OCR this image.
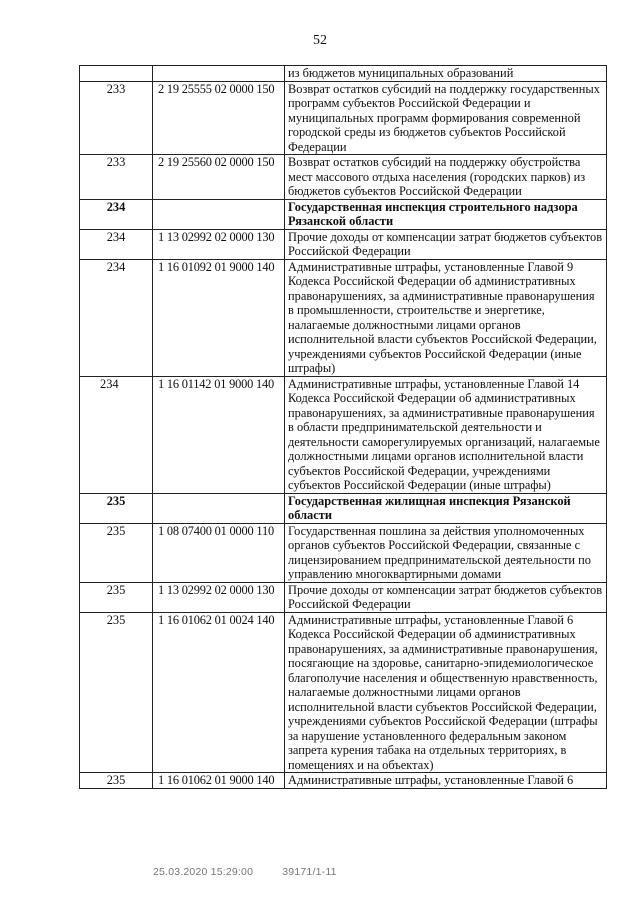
52
		из бюджетов муниципальных образований
233	2 19 25555 02 0000 150	Возврат остатков субсидий на поддержку государственных программ субъектов Российской Федерации и муниципальных программ формирования современной городской среды из бюджетов субъектов Российской Федерации
233	2 19 25560 02 0000 150	Возврат остатков субсидий на поддержку обустройства мест массового отдыха населения (городских парков) из бюджетов субъектов Российской Федерации
234		Государственная инспекция строительного надзора Рязанской области
234	1 13 02992 02 0000 130	Прочие доходы от компенсации затрат бюджетов субъектов Российской Федерации
234	1 16 01092 01 9000 140	Административные штрафы, установленные Главой 9 Кодекса Российской Федерации об административных правонарушениях, за административные правонарушения в промышленности, строительстве и энергетике, налагаемые должностными лицами органов исполнительной власти субъектов Российской Федерации, учреждениями субъектов Российской Федерации (иные штрафы)
234	1 16 01142 01 9000 140	Административные штрафы, установленные Главой 14 Кодекса Российской Федерации об административных правонарушениях, за административные правонарушения в области предпринимательской деятельности и деятельности саморегулируемых организаций, налагаемые должностными лицами органов исполнительной власти субъектов Российской Федерации, учреждениями субъектов Российской Федерации (иные штрафы)
235		Государственная жилищная инспекция Рязанской области
235	1 08 07400 01 0000 110	Государственная пошлина за действия уполномоченных органов субъектов Российской Федерации, связанные с лицензированием предпринимательской деятельности по управлению многоквартирными домами
235	1 13 02992 02 0000 130	Прочие доходы от компенсации затрат бюджетов субъектов Российской Федерации
235	1 16 01062 01 0024 140	Административные штрафы, установленные Главой 6 Кодекса Российской Федерации об административных правонарушениях, за административные правонарушения, посягающие на здоровье, санитарно-эпидемиологическое благополучие населения и общественную нравственность, налагаемые должностными лицами органов исполнительной власти субъектов Российской Федерации, учреждениями субъектов Российской Федерации (штрафы за нарушение установленного федеральным законом запрета курения табака на отдельных территориях, в помещениях и на объектах)
235	1 16 01062 01 9000 140	Административные штрафы, установленные Главой 6
25.03.2020 15:29:00	39171/1-11
